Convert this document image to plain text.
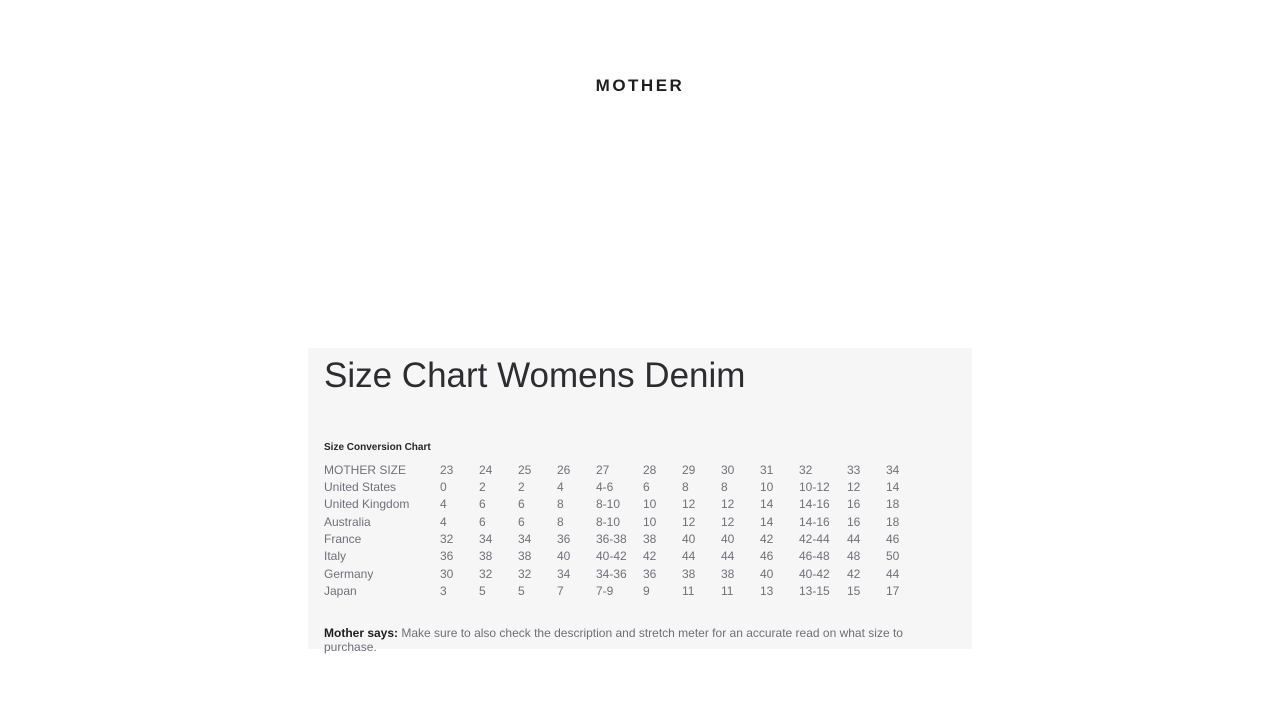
MOTHER
Size Chart Womens Denim
Size Conversion Chart
MOTHER SIZE	23	24	25	26	27	28	29	30	31	32	33	34
United States	0	2	2	4	4-6	6	8	8	10	10-12	12	14
United Kingdom	4	6	6	8	8-10	10	12	12	14	14-16	16	18
Australia	4	6	6	8	8-10	10	12	12	14	14-16	16	18
France	32	34	34	36	36-38	38	40	40	42	42-44	44	46
Italy	36	38	38	40	40-42	42	44	44	46	46-48	48	50
Germany	30	32	32	34	34-36	36	38	38	40	40-42	42	44
Japan	3	5	5	7	7-9	9	11	11	13	13-15	15	17

Mother says: Make sure to also check the description and stretch meter for an accurate read on what size to purchase.
